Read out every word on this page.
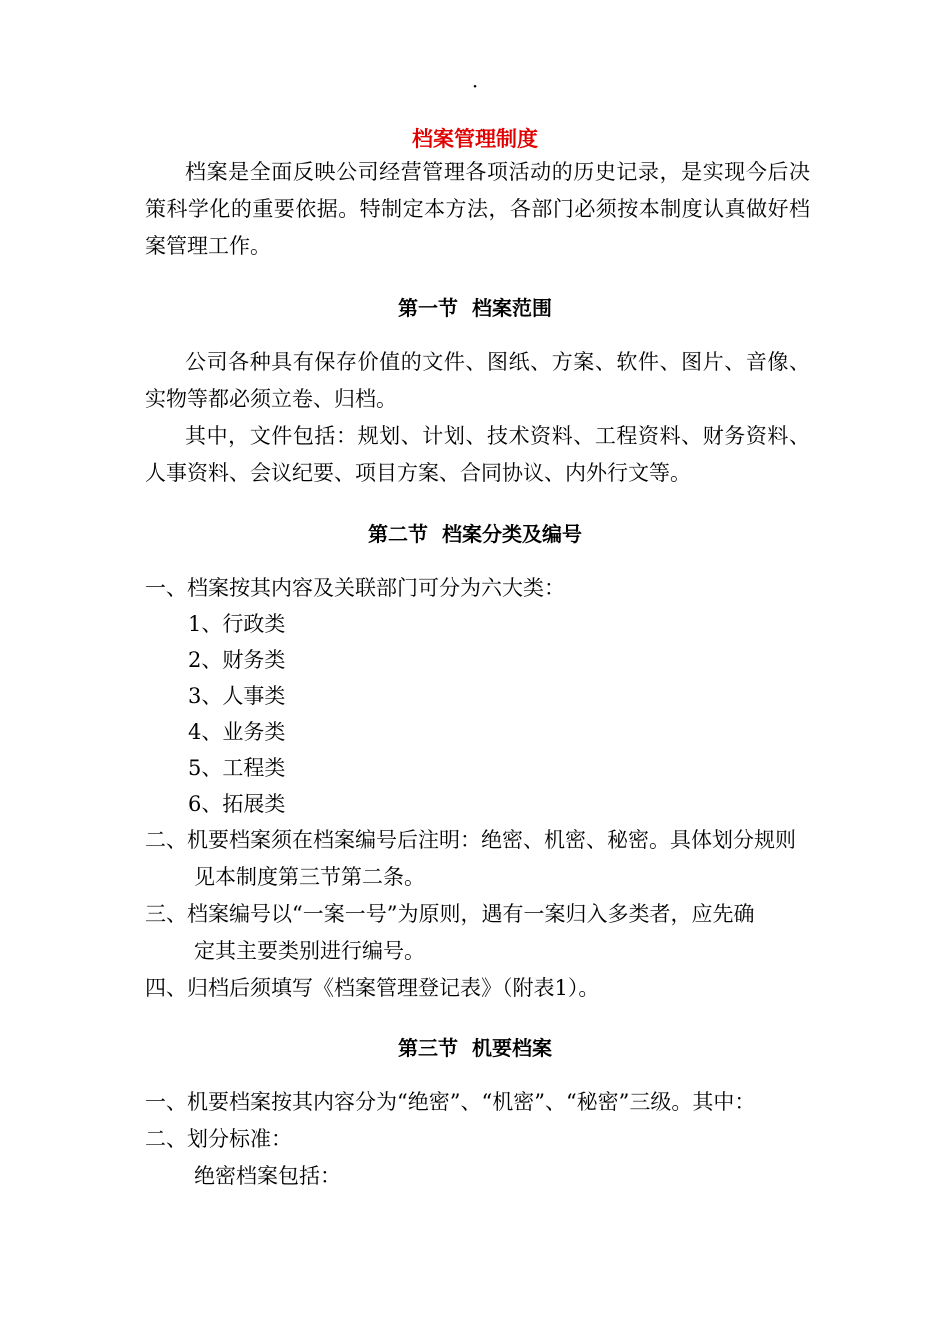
·
档案管理制度
档案是全面反映公司经营管理各项活动的历史记录，是实现今后决策科学化的重要依据。特制定本方法，各部门必须按本制度认真做好档案管理工作。
第一节  档案范围
公司各种具有保存价值的文件、图纸、方案、软件、图片、音像、实物等都必须立卷、归档。
其中，文件包括：规划、计划、技术资料、工程资料、财务资料、人事资料、会议纪要、项目方案、合同协议、内外行文等。
第二节  档案分类及编号
一、档案按其内容及关联部门可分为六大类：
1、行政类
2、财务类
3、人事类
4、业务类
5、工程类
6、拓展类
二、机要档案须在档案编号后注明：绝密、机密、秘密。具体划分规则
见本制度第三节第二条。
三、档案编号以“一案一号”为原则，遇有一案归入多类者，应先确
定其主要类别进行编号。
四、归档后须填写《档案管理登记表》（附表1）。
第三节  机要档案
一、机要档案按其内容分为“绝密”、“机密”、“秘密”三级。其中：
二、划分标准：
绝密档案包括：
